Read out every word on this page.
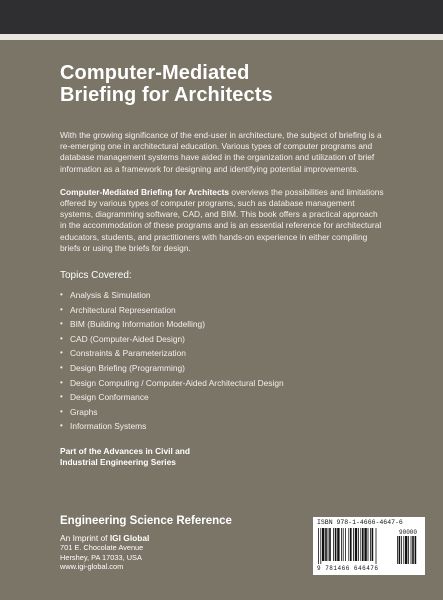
Computer-Mediated
Briefing for Architects

With the growing significance of the end-user in architecture, the subject of briefing is a re-emerging one in architectural education. Various types of computer programs and database management systems have aided in the organization and utilization of brief information as a framework for designing and identifying potential improvements.

Computer-Mediated Briefing for Architects overviews the possibilities and limitations offered by various types of computer programs, such as database management systems, diagramming software, CAD, and BIM. This book offers a practical approach in the accommodation of these programs and is an essential reference for architectural educators, students, and practitioners with hands-on experience in either compiling briefs or using the briefs for design.

Topics Covered:
• Analysis & Simulation
• Architectural Representation
• BIM (Building Information Modelling)
• CAD (Computer-Aided Design)
• Constraints & Parameterization
• Design Briefing (Programming)
• Design Computing / Computer-Aided Architectural Design
• Design Conformance
• Graphs
• Information Systems
Part of the Advances in Civil and
Industrial Engineering Series
Engineering Science Reference
An Imprint of IGI Global
701 E. Chocolate Avenue
Hershey, PA 17033, USA
www.igi-global.com
ISBN 978-1-4666-4647-6
90000
9 781466 646476
